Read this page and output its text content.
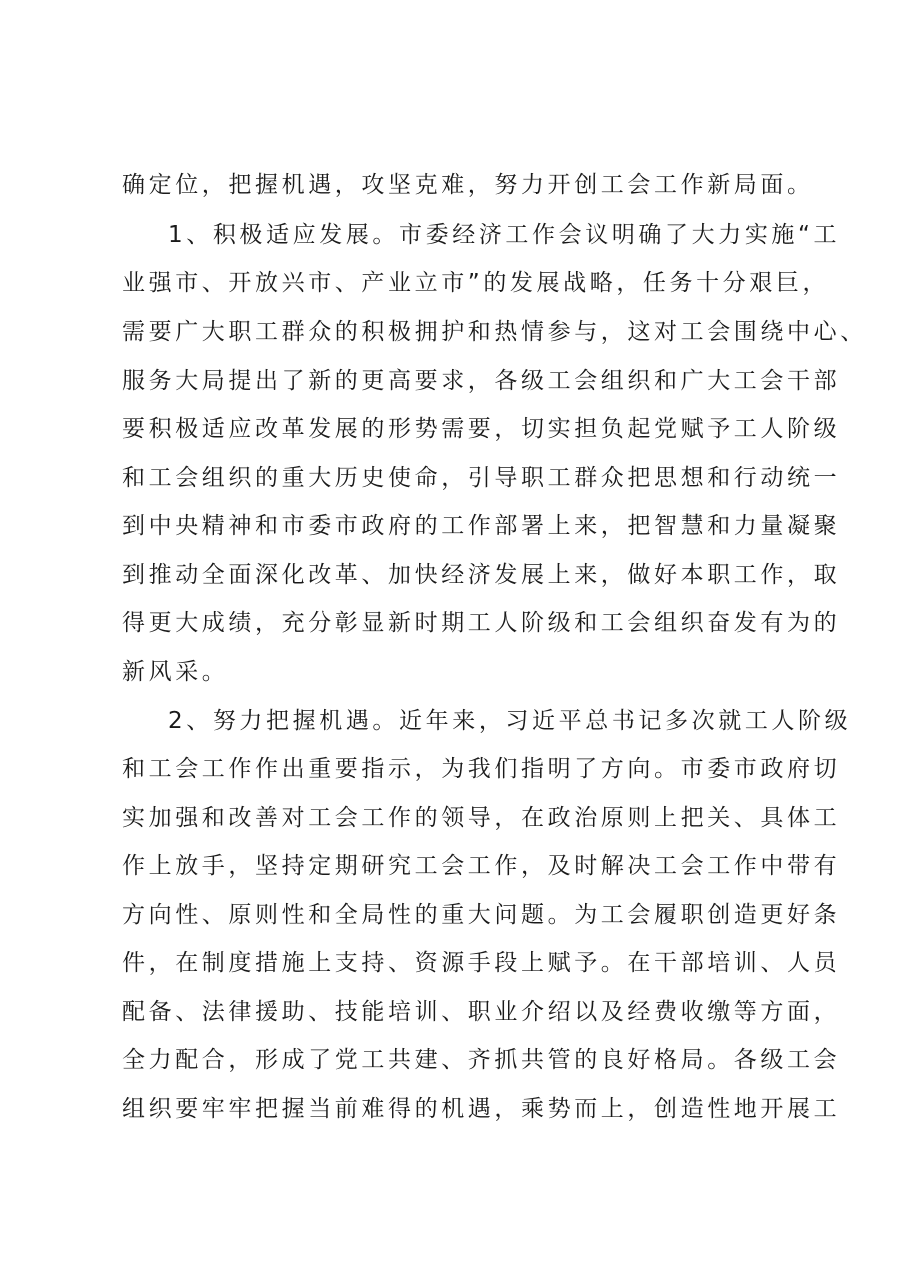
确定位，把握机遇，攻坚克难，努力开创工会工作新局面。
1、积极适应发展。市委经济工作会议明确了大力实施“工
业强市、开放兴市、产业立市”的发展战略，任务十分艰巨，
需要广大职工群众的积极拥护和热情参与，这对工会围绕中心、
服务大局提出了新的更高要求，各级工会组织和广大工会干部
要积极适应改革发展的形势需要，切实担负起党赋予工人阶级
和工会组织的重大历史使命，引导职工群众把思想和行动统一
到中央精神和市委市政府的工作部署上来，把智慧和力量凝聚
到推动全面深化改革、加快经济发展上来，做好本职工作，取
得更大成绩，充分彰显新时期工人阶级和工会组织奋发有为的
新风采。
2、努力把握机遇。近年来，习近平总书记多次就工人阶级
和工会工作作出重要指示，为我们指明了方向。市委市政府切
实加强和改善对工会工作的领导，在政治原则上把关、具体工
作上放手，坚持定期研究工会工作，及时解决工会工作中带有
方向性、原则性和全局性的重大问题。为工会履职创造更好条
件，在制度措施上支持、资源手段上赋予。在干部培训、人员
配备、法律援助、技能培训、职业介绍以及经费收缴等方面，
全力配合，形成了党工共建、齐抓共管的良好格局。各级工会
组织要牢牢把握当前难得的机遇，乘势而上，创造性地开展工
